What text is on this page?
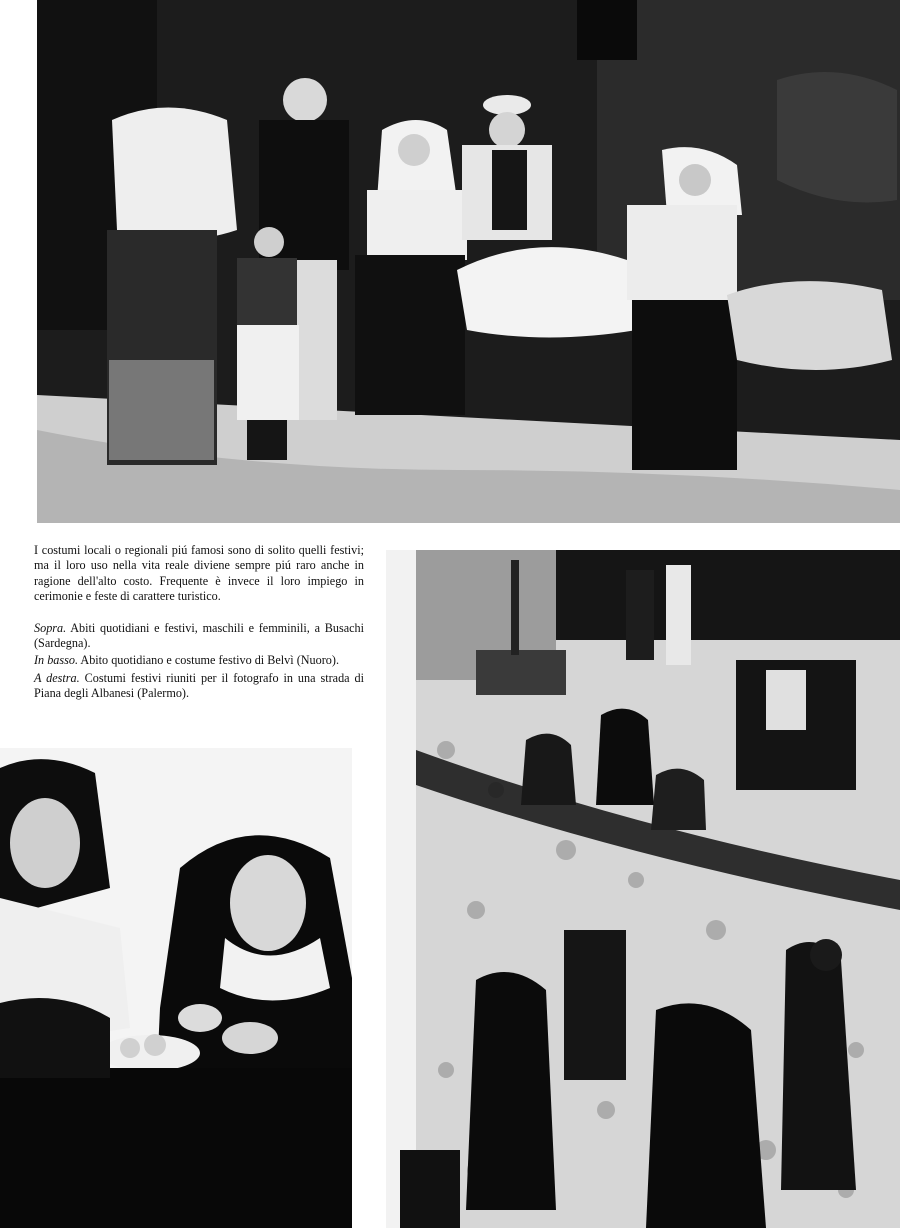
I costumi locali o regionali piú famosi sono di solito quelli festivi; ma il loro uso nella vita reale diviene sempre piú raro anche in ragione dell'alto costo. Frequente è invece il loro impiego in cerimonie e feste di carattere turistico.

Sopra. Abiti quotidiani e festivi, maschili e femminili, a Busachi (Sardegna).

In basso. Abito quotidiano e costume festivo di Belvì (Nuoro).

A destra. Costumi festivi riuniti per il fotografo in una strada di Piana degli Albanesi (Palermo).
